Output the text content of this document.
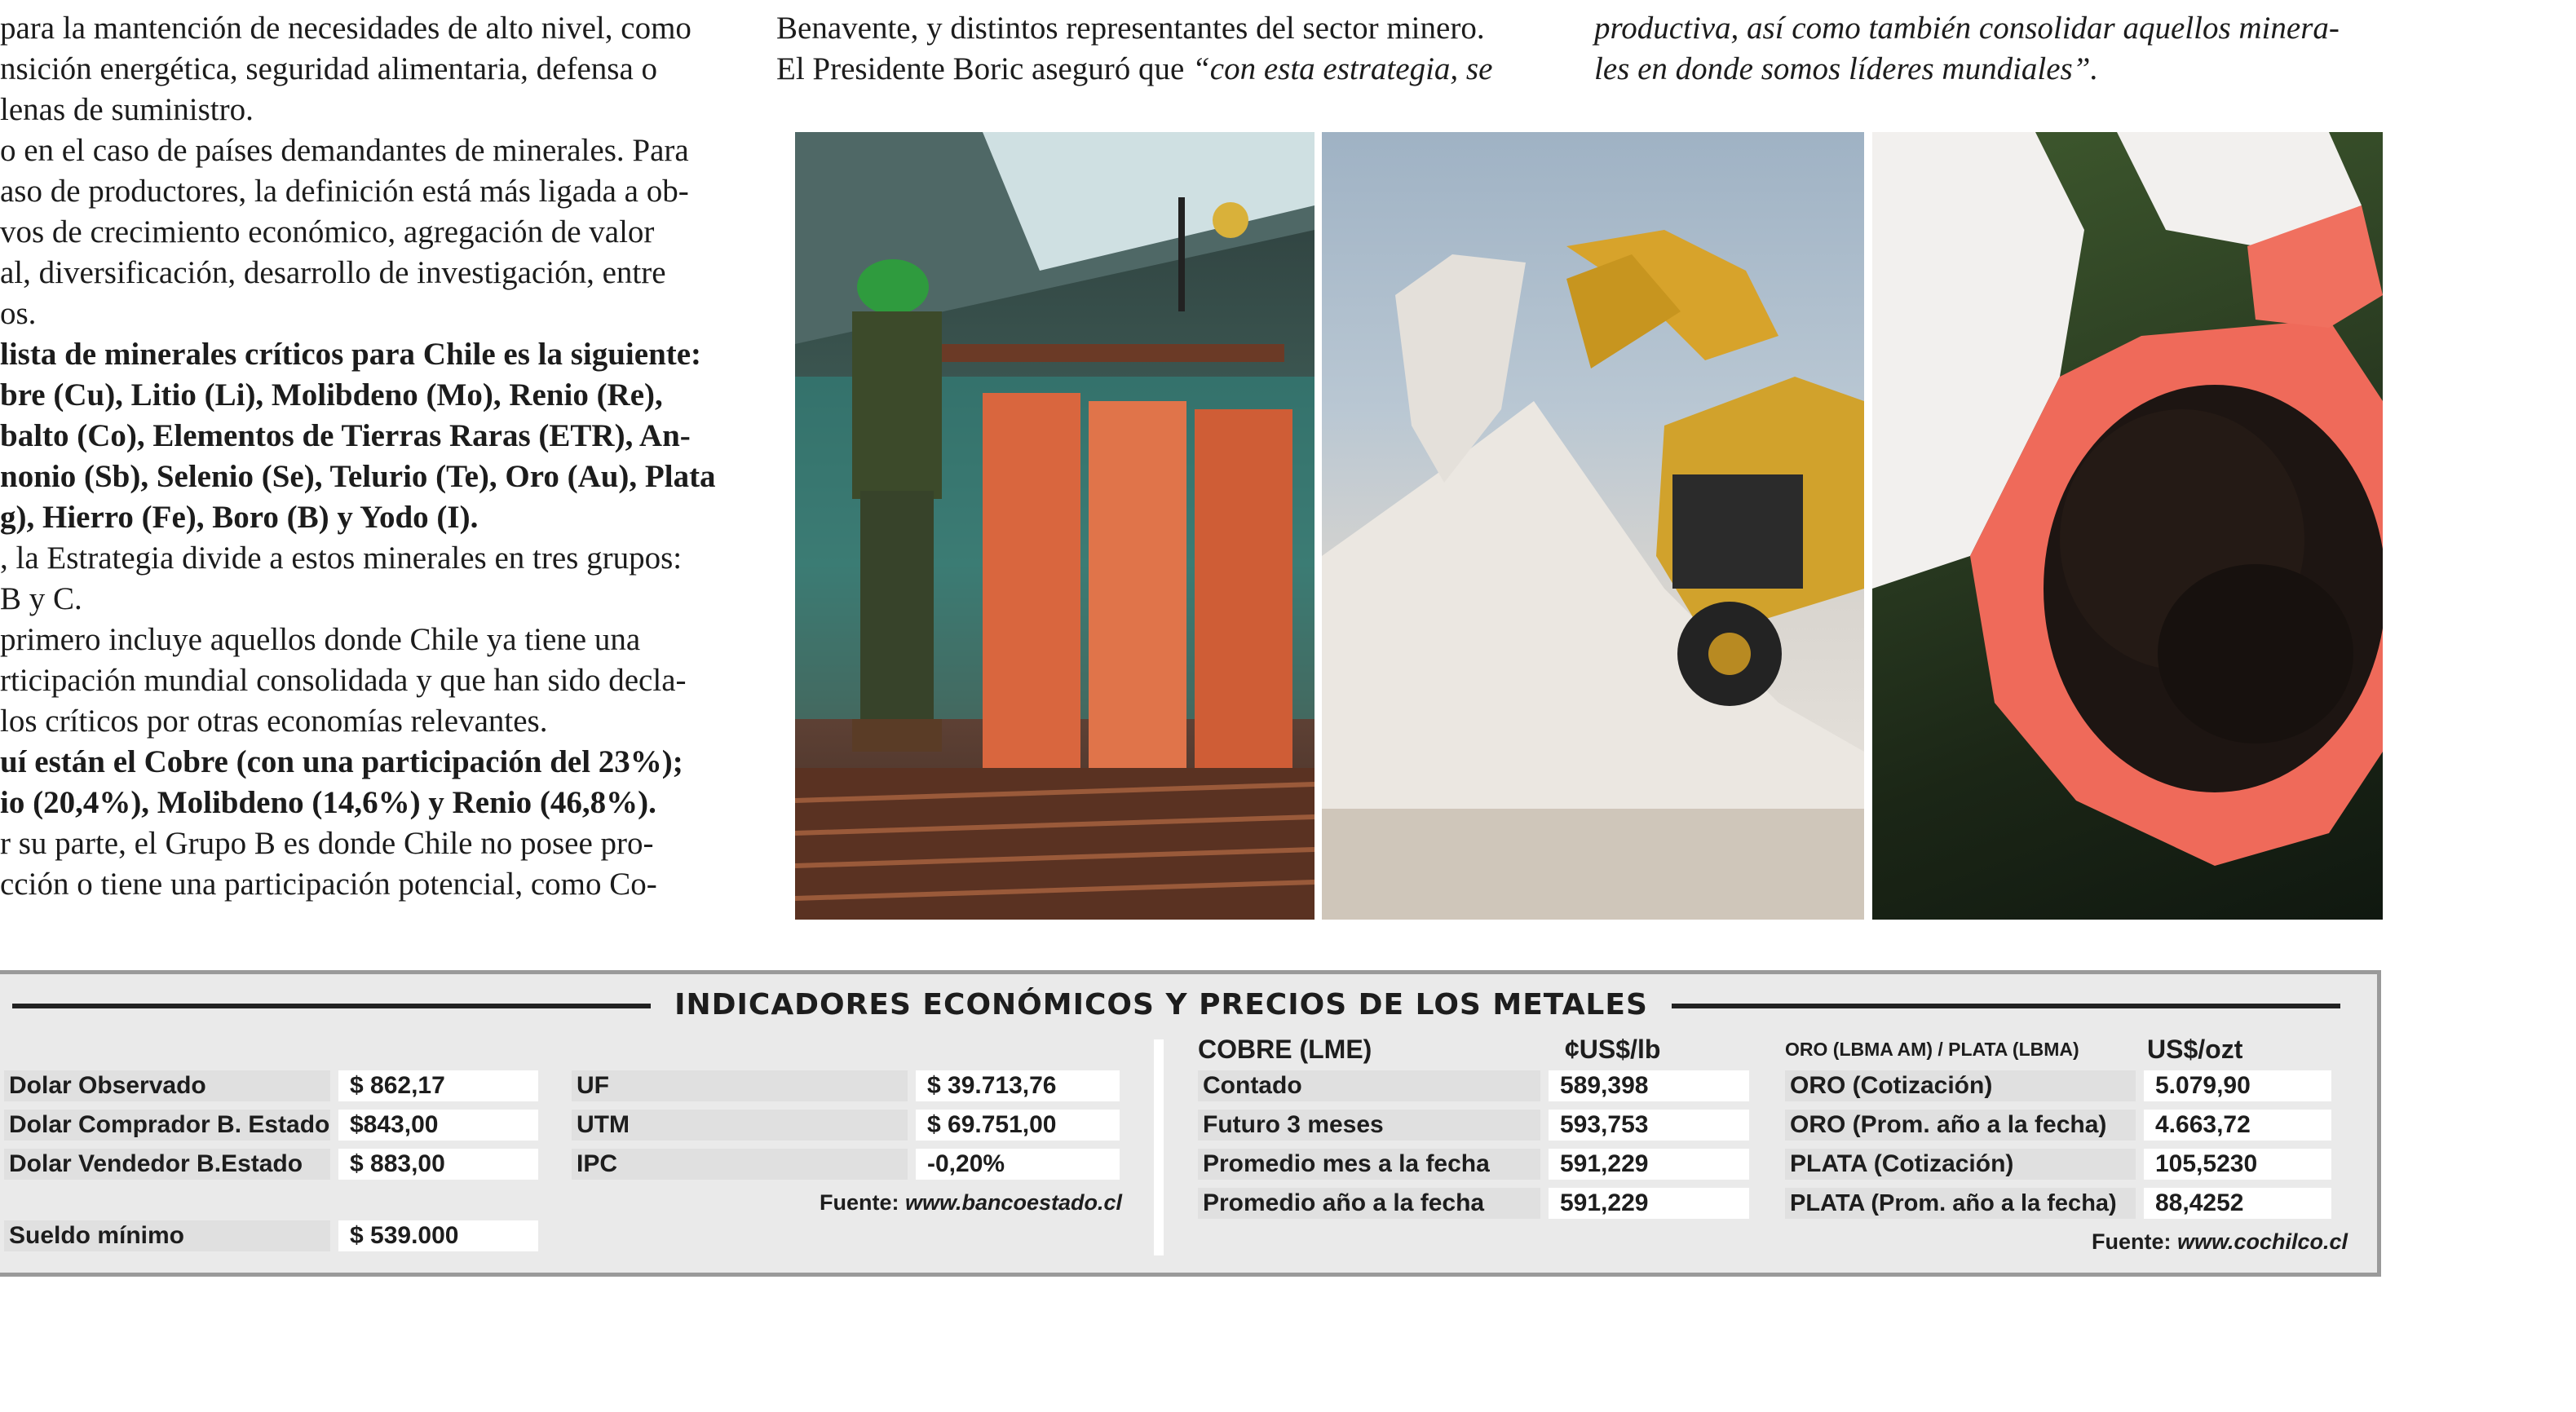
para la mantención de necesidades de alto nivel, como
nsición energética, seguridad alimentaria, defensa o
lenas de suministro.
o en el caso de países demandantes de minerales. Para
aso de productores, la definición está más ligada a ob-
vos de crecimiento económico, agregación de valor
al, diversificación, desarrollo de investigación, entre
os.
lista de minerales críticos para Chile es la siguiente:
bre (Cu), Litio (Li), Molibdeno (Mo), Renio (Re),
balto (Co), Elementos de Tierras Raras (ETR), An-
nonio (Sb), Selenio (Se), Telurio (Te), Oro (Au), Plata
g), Hierro (Fe), Boro (B) y Yodo (I).
, la Estrategia divide a estos minerales en tres grupos:
B y C.
primero incluye aquellos donde Chile ya tiene una
rticipación mundial consolidada y que han sido decla-
los críticos por otras economías relevantes.
uí están el Cobre (con una participación del 23%);
io (20,4%), Molibdeno (14,6%) y Renio (46,8%).
r su parte, el Grupo B es donde Chile no posee pro-
cción o tiene una participación potencial, como Co-
Benavente, y distintos representantes del sector minero.
El Presidente Boric aseguró que “con esta estrategia, se
productiva, así como también consolidar aquellos minera-
les en donde somos líderes mundiales”.
INDICADORES ECONÓMICOS Y PRECIOS DE LOS METALES
Dolar Observado	$ 862,17
Dolar Comprador B. Estado $843,00
Dolar Vendedor B.Estado	$ 883,00
Sueldo mínimo	$ 539.000
UF	$ 39.713,76
UTM	$ 69.751,00
IPC	-0,20%
Fuente: www.bancoestado.cl
COBRE (LME)	¢US$/lb
Contado	589,398
Futuro 3 meses	593,753
Promedio mes a la fecha	591,229
Promedio año a la fecha	591,229
ORO (LBMA AM) / PLATA (LBMA)	US$/ozt
ORO (Cotización)	5.079,90
ORO (Prom. año a la fecha)	4.663,72
PLATA (Cotización)	105,5230
PLATA (Prom. año a la fecha)	88,4252
Fuente: www.cochilco.cl
